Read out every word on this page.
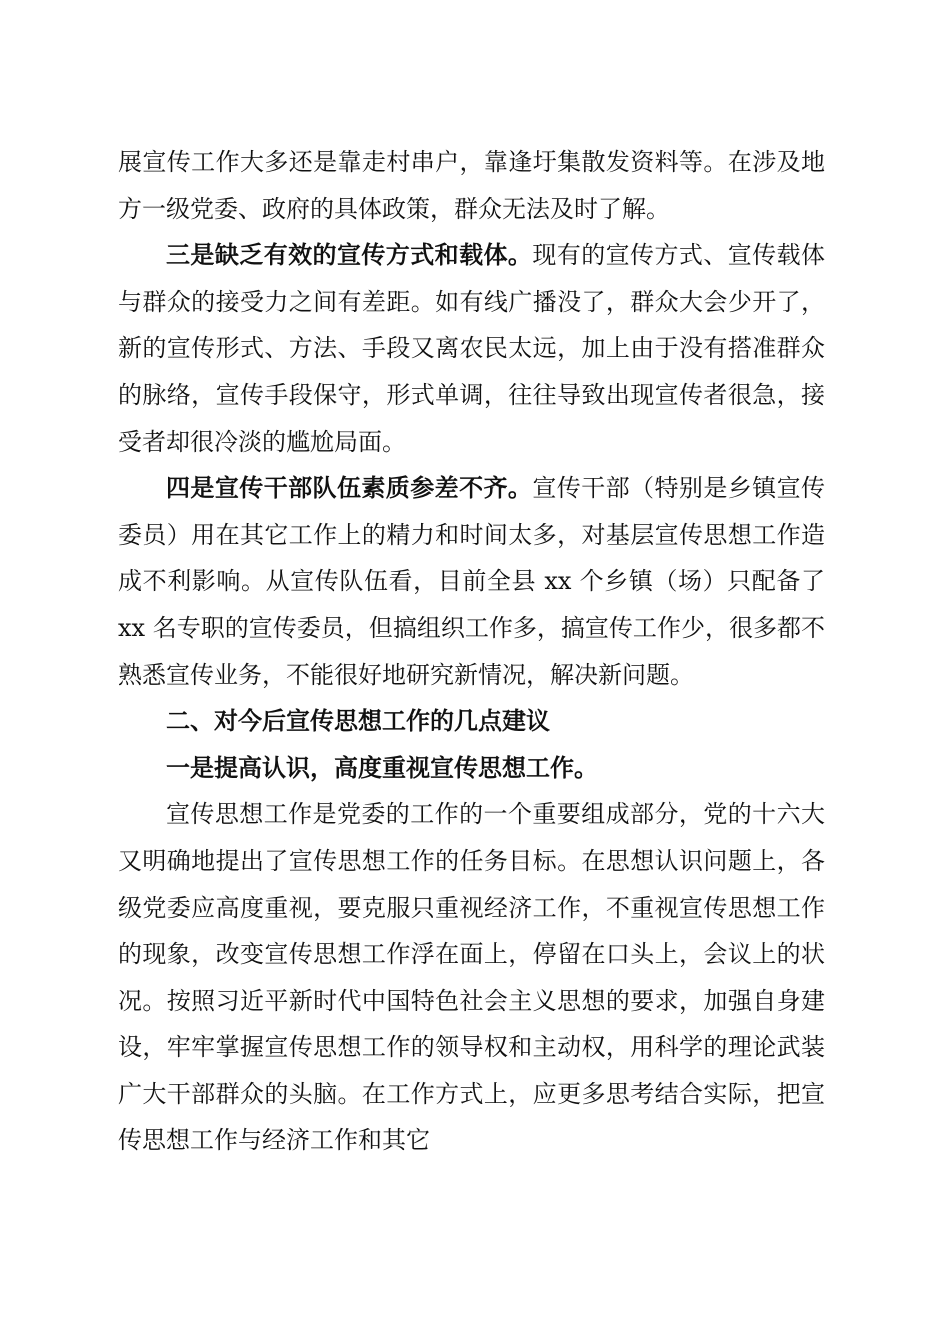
展宣传工作大多还是靠走村串户，靠逢圩集散发资料等。在涉及地方一级党委、政府的具体政策，群众无法及时了解。

三是缺乏有效的宣传方式和载体。现有的宣传方式、宣传载体与群众的接受力之间有差距。如有线广播没了，群众大会少开了，新的宣传形式、方法、手段又离农民太远，加上由于没有搭准群众的脉络，宣传手段保守，形式单调，往往导致出现宣传者很急，接受者却很冷淡的尴尬局面。

四是宣传干部队伍素质参差不齐。宣传干部（特别是乡镇宣传委员）用在其它工作上的精力和时间太多，对基层宣传思想工作造成不利影响。从宣传队伍看，目前全县 xx 个乡镇（场）只配备了 xx 名专职的宣传委员，但搞组织工作多，搞宣传工作少，很多都不熟悉宣传业务，不能很好地研究新情况，解决新问题。

二、对今后宣传思想工作的几点建议

一是提高认识，高度重视宣传思想工作。

宣传思想工作是党委的工作的一个重要组成部分，党的十六大又明确地提出了宣传思想工作的任务目标。在思想认识问题上，各级党委应高度重视，要克服只重视经济工作，不重视宣传思想工作的现象，改变宣传思想工作浮在面上，停留在口头上，会议上的状况。按照习近平新时代中国特色社会主义思想的要求，加强自身建设，牢牢掌握宣传思想工作的领导权和主动权，用科学的理论武装广大干部群众的头脑。在工作方式上，应更多思考结合实际，把宣传思想工作与经济工作和其它
